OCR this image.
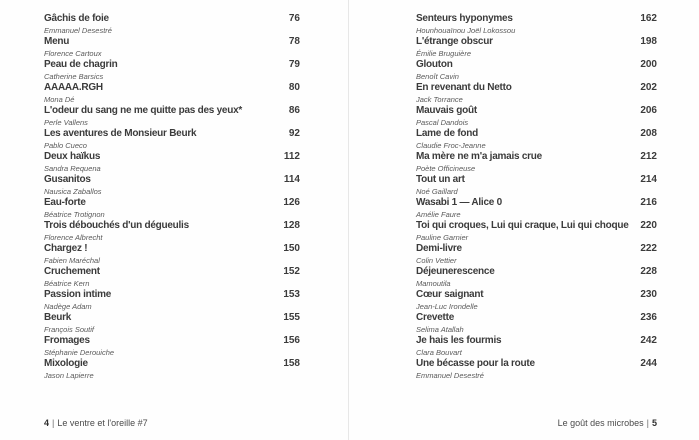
Gâchis de foie	76
Emmanuel Desestré
Menu	78
Florence Cartoux
Peau de chagrin	79
Catherine Barsics
AAAAA.RGH	80
Mona Dé
L'odeur du sang ne me quitte pas des yeux*	86
Perle Vallens
Les aventures de Monsieur Beurk	92
Pablo Cueco
Deux haïkus	112
Sandra Requena
Gusanitos	114
Nausica Zaballos
Eau-forte	126
Béatrice Trotignon
Trois débouchés d'un dégueulis	128
Florence Albrecht
Chargez !	150
Fabien Maréchal
Cruchement	152
Béatrice Kern
Passion intime	153
Nadège Adam
Beurk	155
François Soutif
Fromages	156
Stéphanie Derouiche
Mixologie	158
Jason Lapierre
Senteurs hyponymes	162
Hounhouaïnou Joël Lokossou
L'étrange obscur	198
Émilie Bruguière
Glouton	200
Benoît Cavin
En revenant du Netto	202
Jack Torrance
Mauvais goût	206
Pascal Dandois
Lame de fond	208
Claudie Froc-Jeanne
Ma mère ne m'a jamais crue	212
Poète Officineuse
Tout un art	214
Noé Gaillard
Wasabi 1 — Alice 0	216
Amélie Faure
Toi qui croques, Lui qui craque, Lui qui choque 220
Pauline Garnier
Demi-livre	222
Colin Vettier
Déjeunerescence	228
Mamoutila
Cœur saignant	230
Jean-Luc Irondelle
Crevette	236
Selima Atallah
Je hais les fourmis	242
Clara Bouvart
Une bécasse pour la route	244
Emmanuel Desestré
4 | Le ventre et l'oreille #7	Le goût des microbes | 5
